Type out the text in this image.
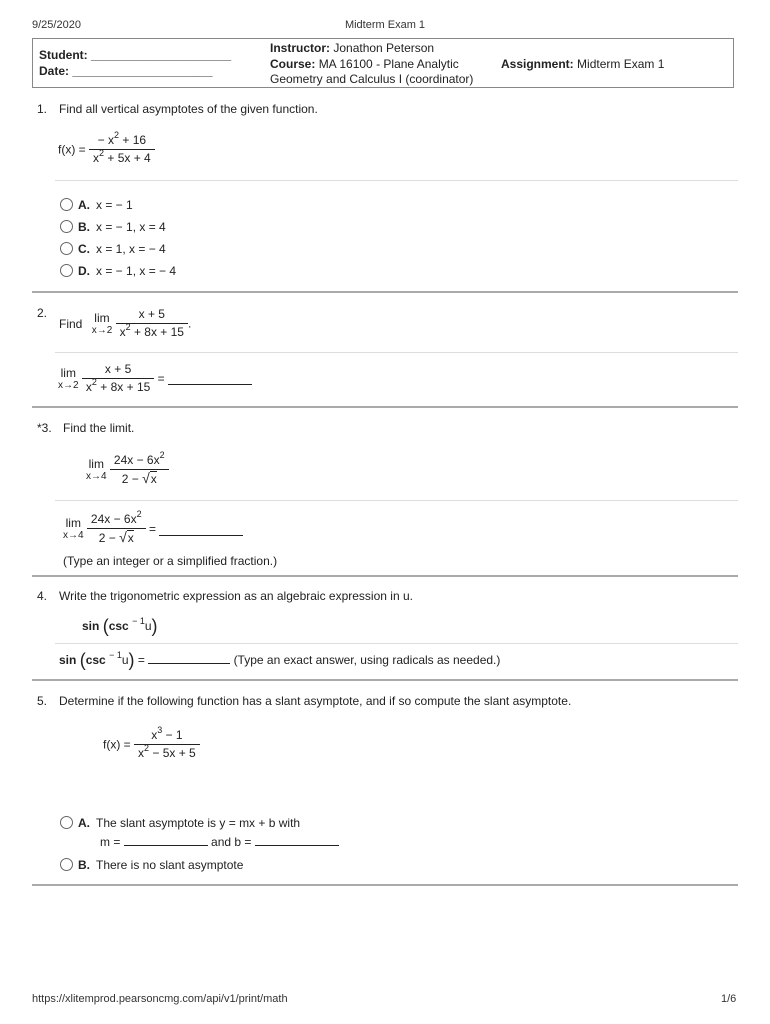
9/25/2020	Midterm Exam 1
Student: _____________________
Date: _____________________
Instructor: Jonathon Peterson
Course: MA 16100 - Plane Analytic
Geometry and Calculus I (coordinator)
Assignment: Midterm Exam 1
1. Find all vertical asymptotes of the given function.
$f(x) = \frac{- x^2 + 16}{x^2 + 5x + 4}$
A. x = − 1
B. x = − 1, x = 4
C. x = 1, x = − 4
D. x = − 1, x = − 4
2.
Find lim
x→2
$\frac{x + 5}{x^2 + 8x + 15}$ .
lim
x→2
$\frac{x + 5}{x^2 + 8x + 15}$ =
*3. Find the limit.
lim
x→4
$\frac{24x - 6x^2}{2 - √x}$
lim
x→4
$\frac{24x - 6x^2}{2 - √x}$ =
(Type an integer or a simplified fraction.)
4. Write the trigonometric expression as an algebraic expression in u.
sin (csc $^{- 1}$u)
sin (csc $^{- 1}$u) =	(Type an exact answer, using radicals as needed.)
5. Determine if the following function has a slant asymptote, and if so compute the slant asymptote.
$f(x) = \frac{x^3 - 1}{x^2 - 5x + 5}$
A. The slant asymptote is y = mx + b with
m =	and b =
B. There is no slant asymptote
https://xlitemprod.pearsoncmg.com/api/v1/print/math	1/6
